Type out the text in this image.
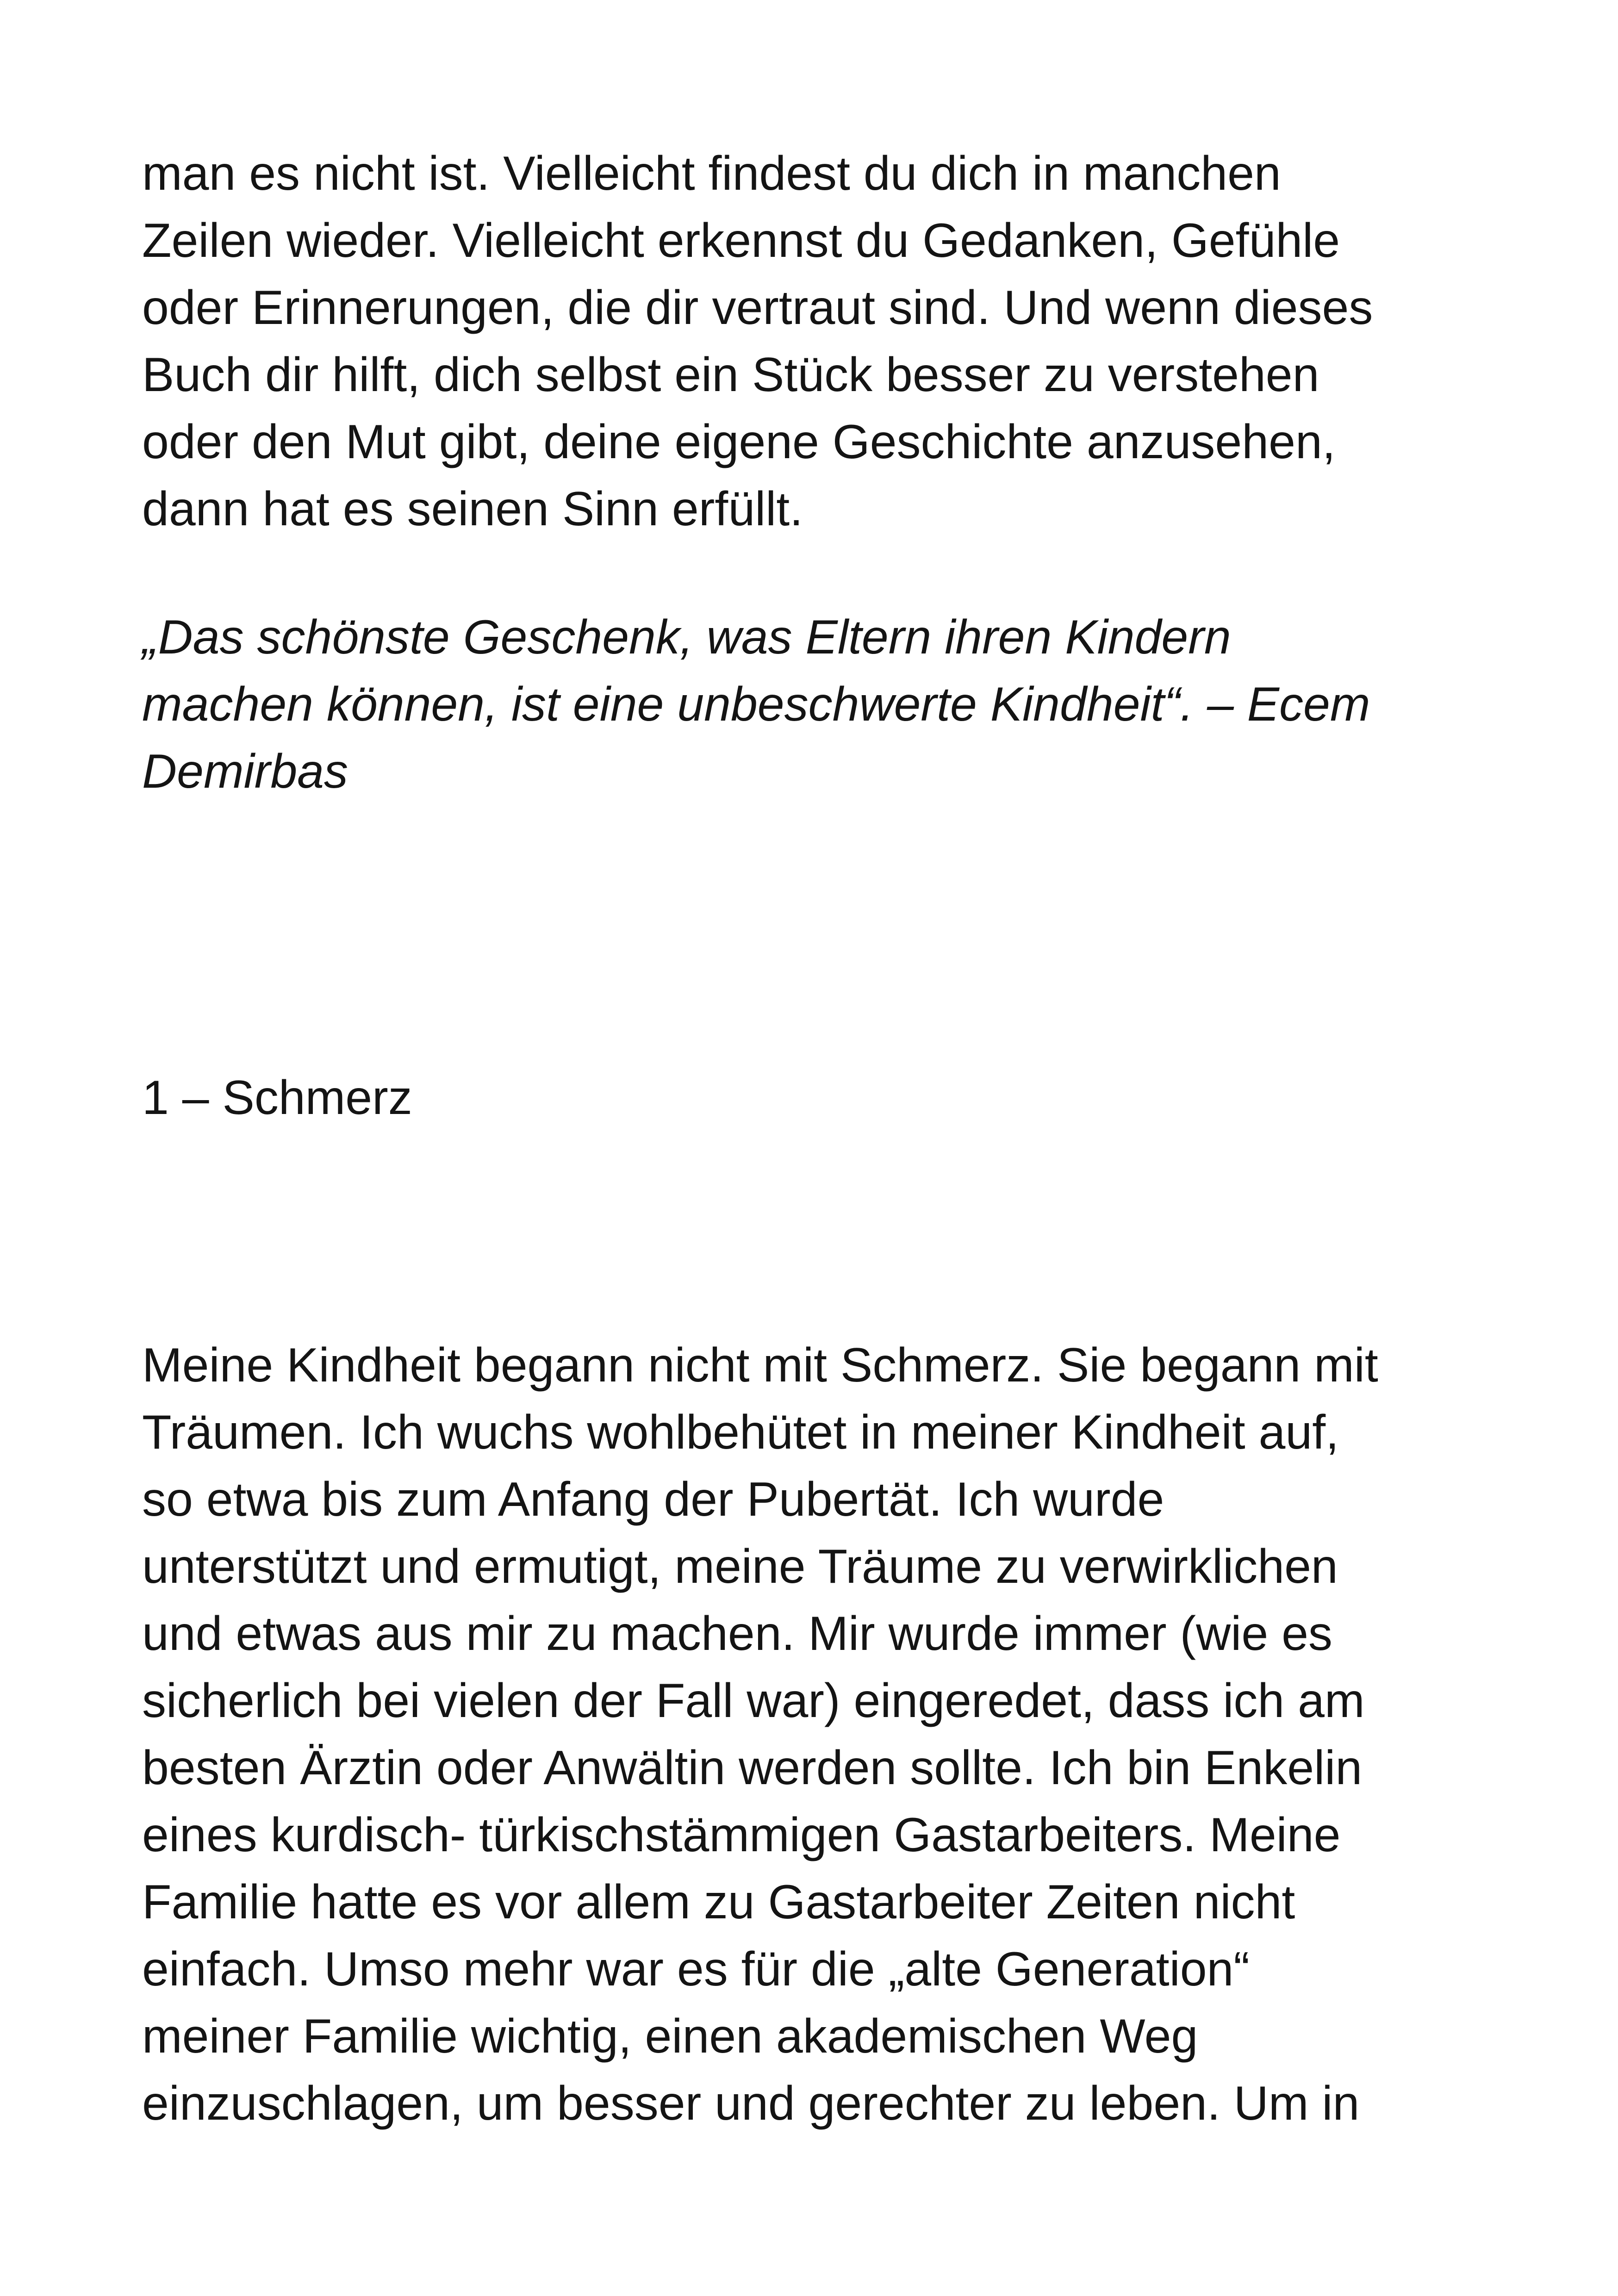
man es nicht ist. Vielleicht findest du dich in manchen

Zeilen wieder. Vielleicht erkennst du Gedanken, Gefühle

oder Erinnerungen, die dir vertraut sind. Und wenn dieses

Buch dir hilft, dich selbst ein Stück besser zu verstehen

oder den Mut gibt, deine eigene Geschichte anzusehen,

dann hat es seinen Sinn erfüllt.

„Das schönste Geschenk, was Eltern ihren Kindern

machen können, ist eine unbeschwerte Kindheit“. – Ecem

Demirbas

1 – Schmerz

Meine Kindheit begann nicht mit Schmerz. Sie begann mit

Träumen. Ich wuchs wohlbehütet in meiner Kindheit auf,

so etwa bis zum Anfang der Pubertät. Ich wurde

unterstützt und ermutigt, meine Träume zu verwirklichen

und etwas aus mir zu machen. Mir wurde immer (wie es

sicherlich bei vielen der Fall war) eingeredet, dass ich am

besten Ärztin oder Anwältin werden sollte. Ich bin Enkelin

eines kurdisch- türkischstämmigen Gastarbeiters. Meine

Familie hatte es vor allem zu Gastarbeiter Zeiten nicht

einfach. Umso mehr war es für die „alte Generation“

meiner Familie wichtig, einen akademischen Weg

einzuschlagen, um besser und gerechter zu leben. Um in
